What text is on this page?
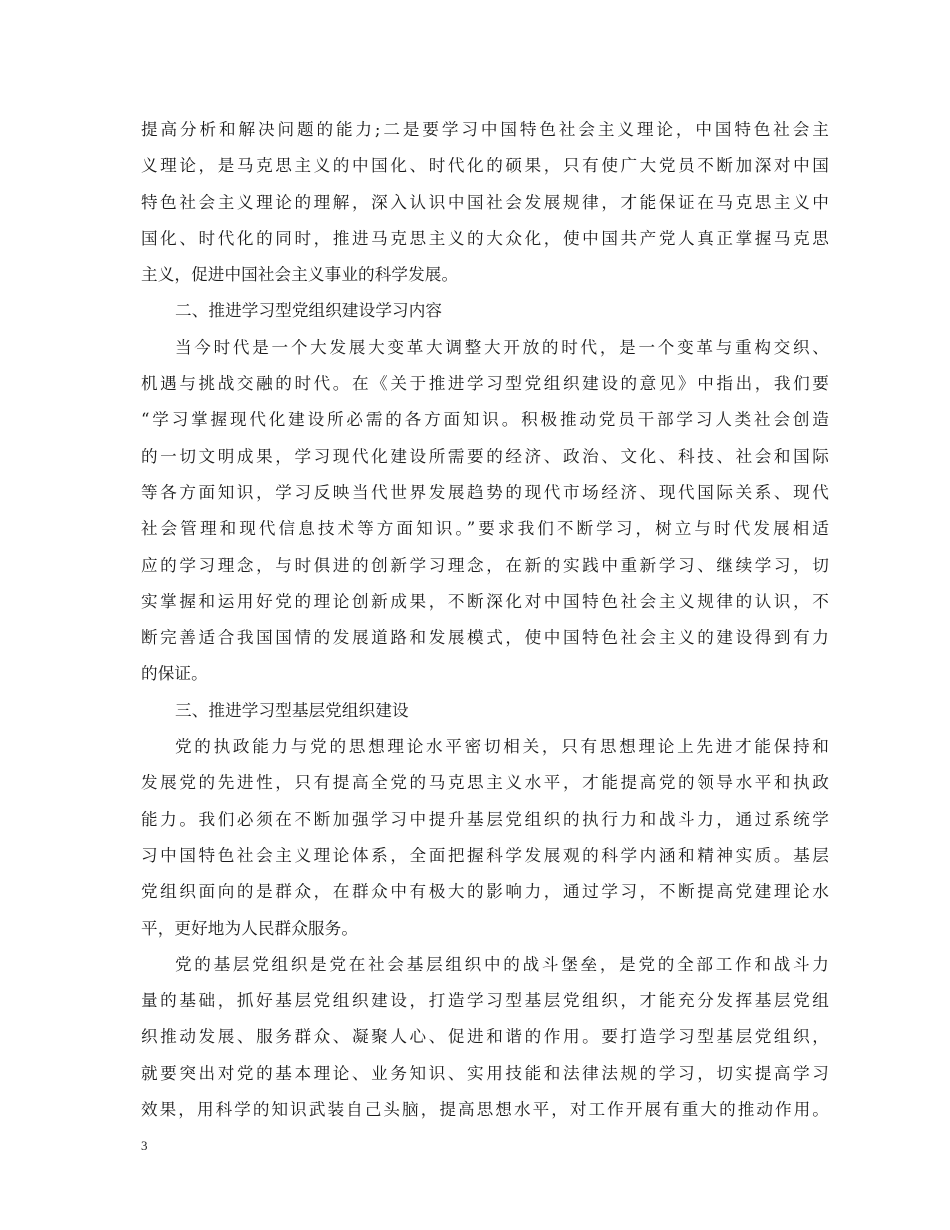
提高分析和解决问题的能力;二是要学习中国特色社会主义理论，中国特色社会主
义理论，是马克思主义的中国化、时代化的硕果，只有使广大党员不断加深对中国
特色社会主义理论的理解，深入认识中国社会发展规律，才能保证在马克思主义中
国化、时代化的同时，推进马克思主义的大众化，使中国共产党人真正掌握马克思
主义，促进中国社会主义事业的科学发展。
二、推进学习型党组织建设学习内容
当今时代是一个大发展大变革大调整大开放的时代，是一个变革与重构交织、
机遇与挑战交融的时代。在《关于推进学习型党组织建设的意见》中指出，我们要
“学习掌握现代化建设所必需的各方面知识。积极推动党员干部学习人类社会创造
的一切文明成果，学习现代化建设所需要的经济、政治、文化、科技、社会和国际
等各方面知识，学习反映当代世界发展趋势的现代市场经济、现代国际关系、现代
社会管理和现代信息技术等方面知识。”要求我们不断学习，树立与时代发展相适
应的学习理念，与时俱进的创新学习理念，在新的实践中重新学习、继续学习，切
实掌握和运用好党的理论创新成果，不断深化对中国特色社会主义规律的认识，不
断完善适合我国国情的发展道路和发展模式，使中国特色社会主义的建设得到有力
的保证。
三、推进学习型基层党组织建设
党的执政能力与党的思想理论水平密切相关，只有思想理论上先进才能保持和
发展党的先进性，只有提高全党的马克思主义水平，才能提高党的领导水平和执政
能力。我们必须在不断加强学习中提升基层党组织的执行力和战斗力，通过系统学
习中国特色社会主义理论体系，全面把握科学发展观的科学内涵和精神实质。基层
党组织面向的是群众，在群众中有极大的影响力，通过学习，不断提高党建理论水
平，更好地为人民群众服务。
党的基层党组织是党在社会基层组织中的战斗堡垒，是党的全部工作和战斗力
量的基础，抓好基层党组织建设，打造学习型基层党组织，才能充分发挥基层党组
织推动发展、服务群众、凝聚人心、促进和谐的作用。要打造学习型基层党组织，
就要突出对党的基本理论、业务知识、实用技能和法律法规的学习，切实提高学习
效果，用科学的知识武装自己头脑，提高思想水平，对工作开展有重大的推动作用。
3
